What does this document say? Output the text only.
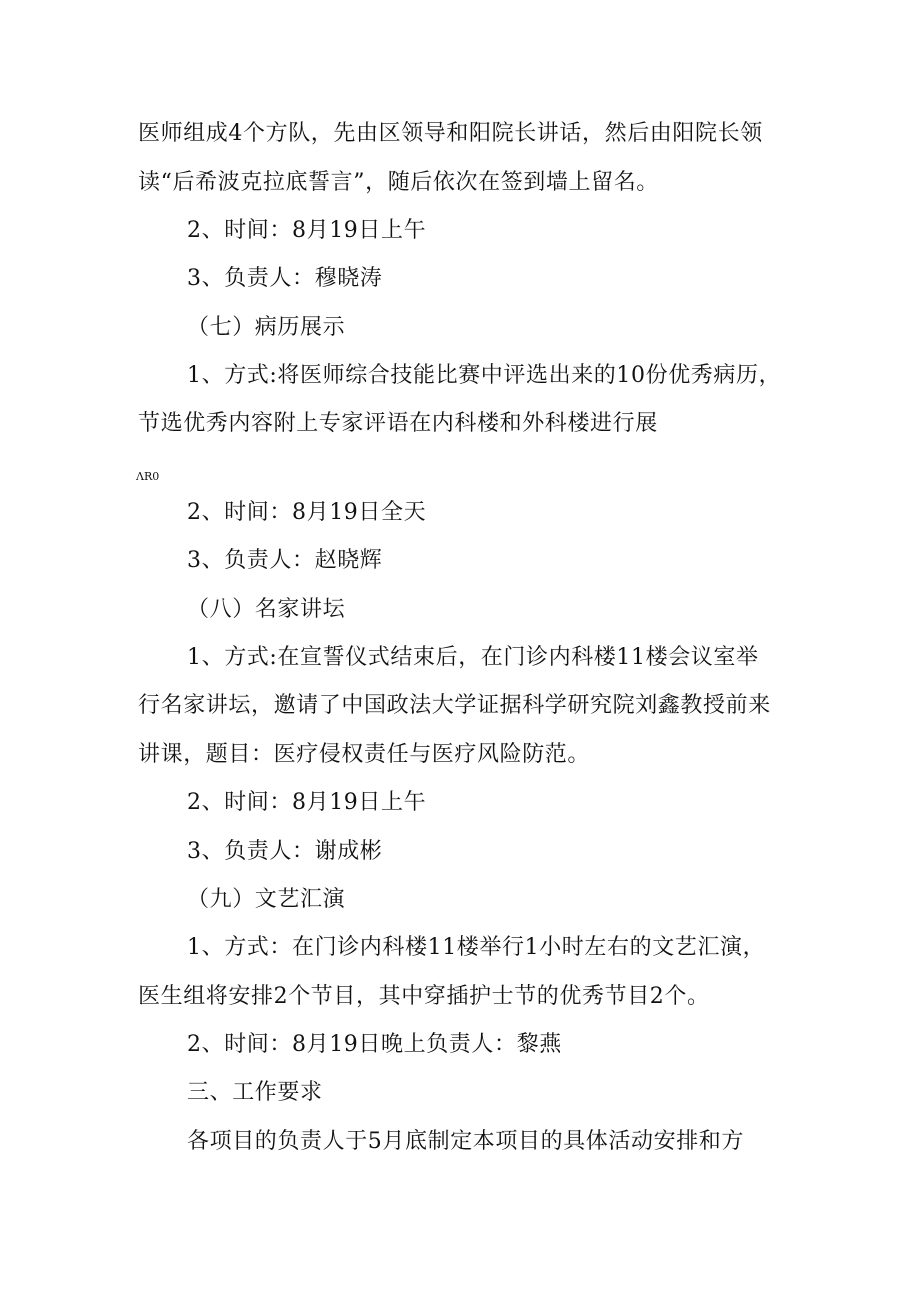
医师组成4个方队，先由区领导和阳院长讲话，然后由阳院长领
读“后希波克拉底誓言”，随后依次在签到墙上留名。
2、时间：8月19日上午
3、负责人：穆晓涛
（七）病历展示
1、方式:将医师综合技能比赛中评选出来的10份优秀病历，
节选优秀内容附上专家评语在内科楼和外科楼进行展
ΛR0
2、时间：8月19日全天
3、负责人：赵晓辉
（八）名家讲坛
1、方式:在宣誓仪式结束后，在门诊内科楼11楼会议室举
行名家讲坛，邀请了中国政法大学证据科学研究院刘鑫教授前来
讲课，题目：医疗侵权责任与医疗风险防范。
2、时间：8月19日上午
3、负责人：谢成彬
（九）文艺汇演
1、方式：在门诊内科楼11楼举行1小时左右的文艺汇演，
医生组将安排2个节目，其中穿插护士节的优秀节目2个。
2、时间：8月19日晚上负责人：黎燕
三、工作要求
各项目的负责人于5月底制定本项目的具体活动安排和方
